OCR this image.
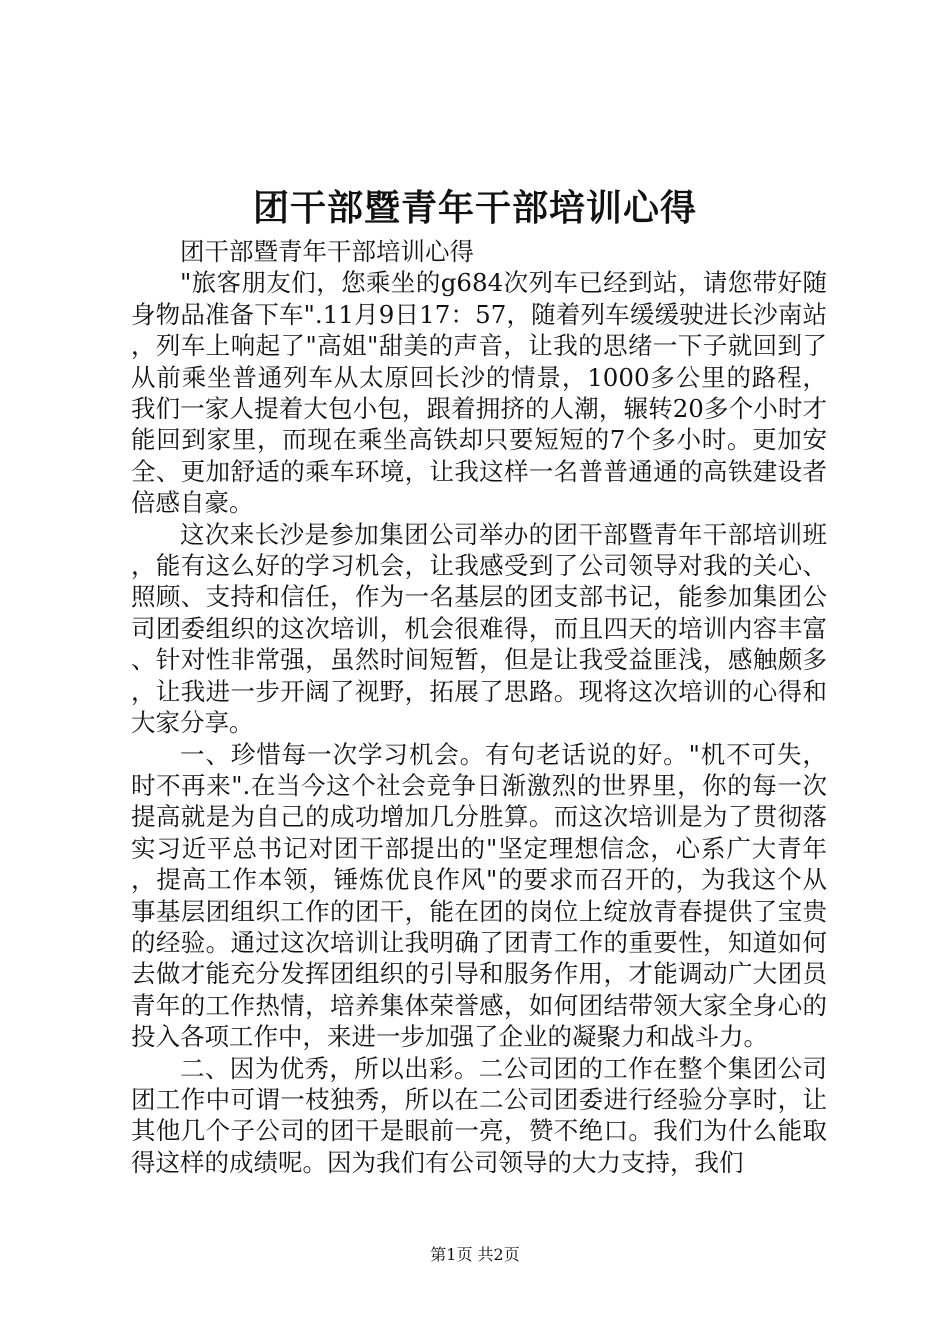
团干部暨青年干部培训心得

团干部暨青年干部培训心得

"旅客朋友们，您乘坐的g684次列车已经到站，请您带好随身物品准备下车".11月9日17：57，随着列车缓缓驶进长沙南站，列车上响起了"高姐"甜美的声音，让我的思绪一下子就回到了从前乘坐普通列车从太原回长沙的情景，1000多公里的路程，我们一家人提着大包小包，跟着拥挤的人潮，辗转20多个小时才能回到家里，而现在乘坐高铁却只要短短的7个多小时。更加安全、更加舒适的乘车环境，让我这样一名普普通通的高铁建设者倍感自豪。

这次来长沙是参加集团公司举办的团干部暨青年干部培训班，能有这么好的学习机会，让我感受到了公司领导对我的关心、照顾、支持和信任，作为一名基层的团支部书记，能参加集团公司团委组织的这次培训，机会很难得，而且四天的培训内容丰富、针对性非常强，虽然时间短暂，但是让我受益匪浅，感触颇多，让我进一步开阔了视野，拓展了思路。现将这次培训的心得和大家分享。

一、珍惜每一次学习机会。有句老话说的好。"机不可失，时不再来".在当今这个社会竞争日渐激烈的世界里，你的每一次提高就是为自己的成功增加几分胜算。而这次培训是为了贯彻落实习近平总书记对团干部提出的"坚定理想信念，心系广大青年，提高工作本领，锤炼优良作风"的要求而召开的，为我这个从事基层团组织工作的团干，能在团的岗位上绽放青春提供了宝贵的经验。通过这次培训让我明确了团青工作的重要性，知道如何去做才能充分发挥团组织的引导和服务作用，才能调动广大团员青年的工作热情，培养集体荣誉感，如何团结带领大家全身心的投入各项工作中，来进一步加强了企业的凝聚力和战斗力。

二、因为优秀，所以出彩。二公司团的工作在整个集团公司团工作中可谓一枝独秀，所以在二公司团委进行经验分享时，让其他几个子公司的团干是眼前一亮，赞不绝口。我们为什么能取得这样的成绩呢。因为我们有公司领导的大力支持，我们

第1页 共2页
